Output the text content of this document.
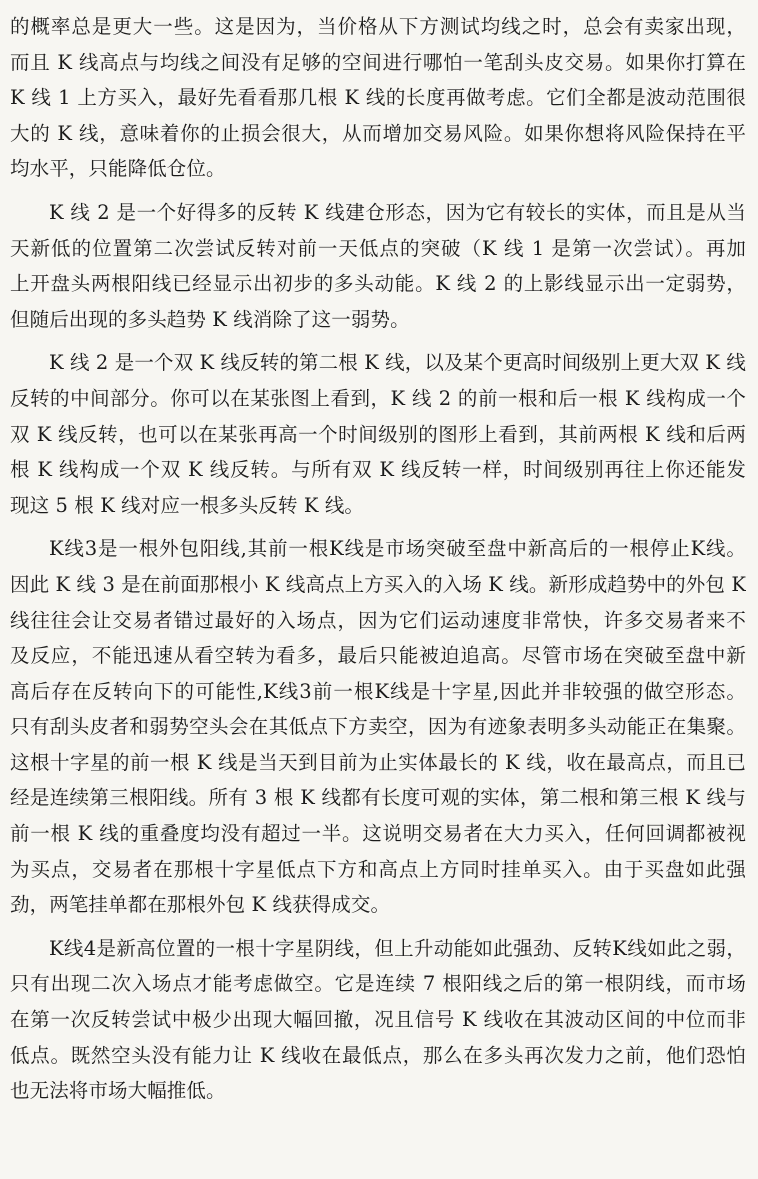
的概率总是更大一些。这是因为，当价格从下方测试均线之时，总会有卖家出现，
而且 K 线高点与均线之间没有足够的空间进行哪怕一笔刮头皮交易。如果你打算在
K 线 1 上方买入，最好先看看那几根 K 线的长度再做考虑。它们全都是波动范围很
大的 K 线，意味着你的止损会很大，从而增加交易风险。如果你想将风险保持在平
均水平，只能降低仓位。
K 线 2 是一个好得多的反转 K 线建仓形态，因为它有较长的实体，而且是从当
天新低的位置第二次尝试反转对前一天低点的突破（K 线 1 是第一次尝试）。再加
上开盘头两根阳线已经显示出初步的多头动能。K 线 2 的上影线显示出一定弱势，
但随后出现的多头趋势 K 线消除了这一弱势。
K 线 2 是一个双 K 线反转的第二根 K 线，以及某个更高时间级别上更大双 K 线
反转的中间部分。你可以在某张图上看到，K 线 2 的前一根和后一根 K 线构成一个
双 K 线反转，也可以在某张再高一个时间级别的图形上看到，其前两根 K 线和后两
根 K 线构成一个双 K 线反转。与所有双 K 线反转一样，时间级别再往上你还能发
现这 5 根 K 线对应一根多头反转 K 线。
K线3是一根外包阳线,其前一根K线是市场突破至盘中新高后的一根停止K线。
因此 K 线 3 是在前面那根小 K 线高点上方买入的入场 K 线。新形成趋势中的外包 K
线往往会让交易者错过最好的入场点，因为它们运动速度非常快，许多交易者来不
及反应，不能迅速从看空转为看多，最后只能被迫追高。尽管市场在突破至盘中新
高后存在反转向下的可能性,K线3前一根K线是十字星,因此并非较强的做空形态。
只有刮头皮者和弱势空头会在其低点下方卖空，因为有迹象表明多头动能正在集聚。
这根十字星的前一根 K 线是当天到目前为止实体最长的 K 线，收在最高点，而且已
经是连续第三根阳线。所有 3 根 K 线都有长度可观的实体，第二根和第三根 K 线与
前一根 K 线的重叠度均没有超过一半。这说明交易者在大力买入，任何回调都被视
为买点，交易者在那根十字星低点下方和高点上方同时挂单买入。由于买盘如此强
劲，两笔挂单都在那根外包 K 线获得成交。
K线4是新高位置的一根十字星阴线，但上升动能如此强劲、反转K线如此之弱，
只有出现二次入场点才能考虑做空。它是连续 7 根阳线之后的第一根阴线，而市场
在第一次反转尝试中极少出现大幅回撤，况且信号 K 线收在其波动区间的中位而非
低点。既然空头没有能力让 K 线收在最低点，那么在多头再次发力之前，他们恐怕
也无法将市场大幅推低。
